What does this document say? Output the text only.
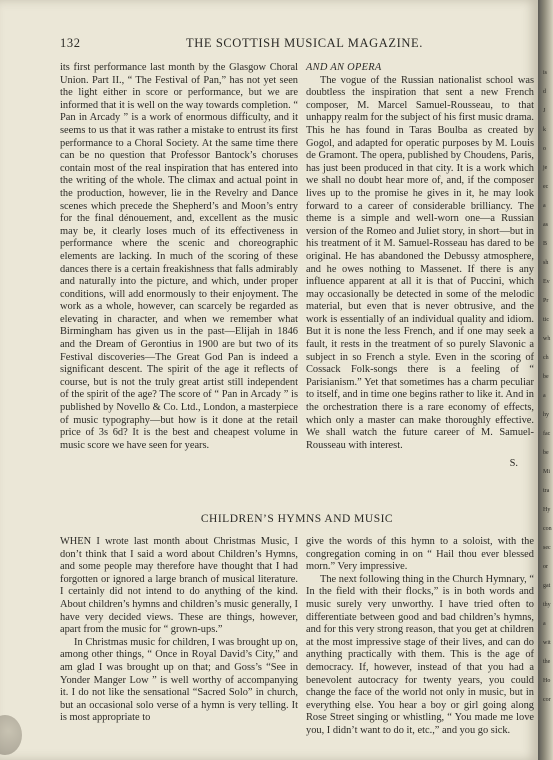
132	THE SCOTTISH MUSICAL MAGAZINE.

its first performance last month by the Glasgow Choral Union. Part II., “ The Festival of Pan,” has not yet seen the light either in score or performance, but we are informed that it is well on the way towards completion. “ Pan in Arcady ” is a work of enormous difficulty, and it seems to us that it was rather a mistake to entrust its first performance to a Choral Society. At the same time there can be no question that Professor Bantock’s choruses contain most of the real inspiration that has entered into the writing of the whole. The climax and actual point in the production, however, lie in the Revelry and Dance scenes which precede the Shepherd’s and Moon’s entry for the final dénouement, and, excellent as the music may be, it clearly loses much of its effectiveness in performance where the scenic and choreographic elements are lacking. In much of the scoring of these dances there is a certain freakishness that falls admirably and naturally into the picture, and which, under proper conditions, will add enormously to their enjoyment. The work as a whole, however, can scarcely be regarded as elevating in character, and when we remember what Birmingham has given us in the past—Elijah in 1846 and the Dream of Gerontius in 1900 are but two of its Festival discoveries—The Great God Pan is indeed a significant descent. The spirit of the age it reflects of course, but is not the truly great artist still independent of the spirit of the age? The score of “ Pan in Arcady ” is published by Novello & Co. Ltd., London, a masterpiece of music typography—but how is it done at the retail price of 3s 6d? It is the best and cheapest volume in music score we have seen for years.

AND AN OPERA

The vogue of the Russian nationalist school was doubtless the inspiration that sent a new French composer, M. Marcel Samuel-Rousseau, to that unhappy realm for the subject of his first music drama. This he has found in Taras Boulba as created by Gogol, and adapted for operatic purposes by M. Louis de Gramont. The opera, published by Choudens, Paris, has just been produced in that city. It is a work which we shall no doubt hear more of, and, if the composer lives up to the promise he gives in it, he may look forward to a career of considerable brilliancy. The theme is a simple and well-worn one—a Russian version of the Romeo and Juliet story, in short—but in his treatment of it M. Samuel-Rosseau has dared to be original. He has abandoned the Debussy atmosphere, and he owes nothing to Massenet. If there is any influence apparent at all it is that of Puccini, which may occasionally be detected in some of the melodic material, but even that is never obtrusive, and the work is essentially of an individual quality and idiom. But it is none the less French, and if one may seek a fault, it rests in the treatment of so purely Slavonic a subject in so French a style. Even in the scoring of Cossack Folk-songs there is a feeling of “ Parisianism.” Yet that sometimes has a charm peculiar to itself, and in time one begins rather to like it. And in the orchestration there is a rare economy of effects, which only a master can make thoroughly effective. We shall watch the future career of M. Samuel-Rousseau with interest.

S.

CHILDREN’S HYMNS AND MUSIC

WHEN I wrote last month about Christmas Music, I don’t think that I said a word about Children’s Hymns, and some people may therefore have thought that I had forgotten or ignored a large branch of musical literature. I certainly did not intend to do anything of the kind. About children’s hymns and children’s music generally, I have very decided views. These are things, however, apart from the music for “ grown-ups.”

In Christmas music for children, I was brought up on, among other things, “ Once in Royal David’s City,” and am glad I was brought up on that; and Goss’s “See in Yonder Manger Low ” is well worthy of accompanying it. I do not like the sensational “Sacred Solo” in church, but an occasional solo verse of a hymn is very telling. It is most appropriate to

give the words of this hymn to a soloist, with the congregation coming in on “ Hail thou ever blessed morn.” Very impressive.

The next following thing in the Church Hymnary, “ In the field with their flocks,” is in both words and music surely very unworthy. I have tried often to differentiate between good and bad children’s hymns, and for this very strong reason, that you get at children at the most impressive stage of their lives, and can do anything practically with them. This is the age of democracy. If, however, instead of that you had a benevolent autocracy for twenty years, you could change the face of the world not only in music, but in everything else. You hear a boy or girl going along Rose Street singing or whistling, “ You made me love you, I didn’t want to do it, etc.,” and you go sick.

is
d
J
k
o
je
ec
a
as
B
sh
Ev
Pr
tic
wh
ch
be
a
hy
fac
be
Mi
tra
Hy
con
sec
or
gat
thy
a
wit
the
Ho
cor
